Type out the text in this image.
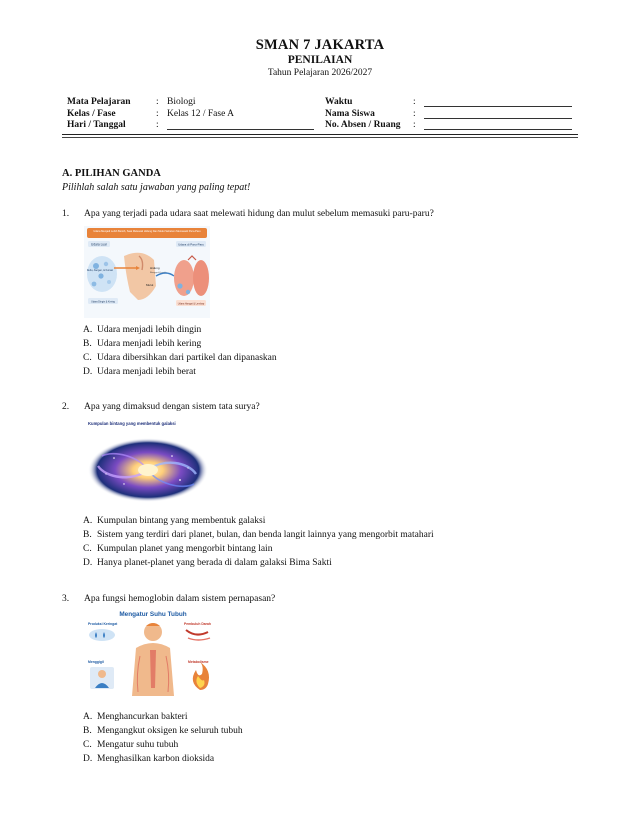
SMAN 7 JAKARTA
PENILAIAN
Tahun Pelajaran 2026/2027
Mata Pelajaran	: Biologi	Waktu	:
Kelas / Fase	: Kelas 12 / Fase A	Nama Siswa	:
Hari / Tanggal	:	No. Absen / Ruang :
A. PILIHAN GANDA
Pilihlah salah satu jawaban yang paling tepat!
1. Apa yang terjadi pada udara saat melewati hidung dan mulut sebelum memasuki paru-paru?
Udara Menjadi Lebih Bersih, Saat Melewati Hidung Dan Mulut Sebelum Memasuki Paru-Paru
Udara Luar	Udara di Paru-Paru
Debu, Alergen, & Kuman
Hidung
Rongga & Lendir
Mulut
Udara Dingin & Kering
Udara Hangat & Lembap
A. Udara menjadi lebih dingin
B. Udara menjadi lebih kering
C. Udara dibersihkan dari partikel dan dipanaskan
D. Udara menjadi lebih berat
2. Apa yang dimaksud dengan sistem tata surya?
Kumpulan bintang yang membentuk galaksi
A. Kumpulan bintang yang membentuk galaksi
B. Sistem yang terdiri dari planet, bulan, dan benda langit lainnya yang mengorbit matahari
C. Kumpulan planet yang mengorbit bintang lain
D. Hanya planet-planet yang berada di dalam galaksi Bima Sakti
3. Apa fungsi hemoglobin dalam sistem pernapasan?
Mengatur Suhu Tubuh
Produksi Keringat	Pembuluh Darah
Menggigil	Metabolisme
A. Menghancurkan bakteri
B. Mengangkut oksigen ke seluruh tubuh
C. Mengatur suhu tubuh
D. Menghasilkan karbon dioksida
